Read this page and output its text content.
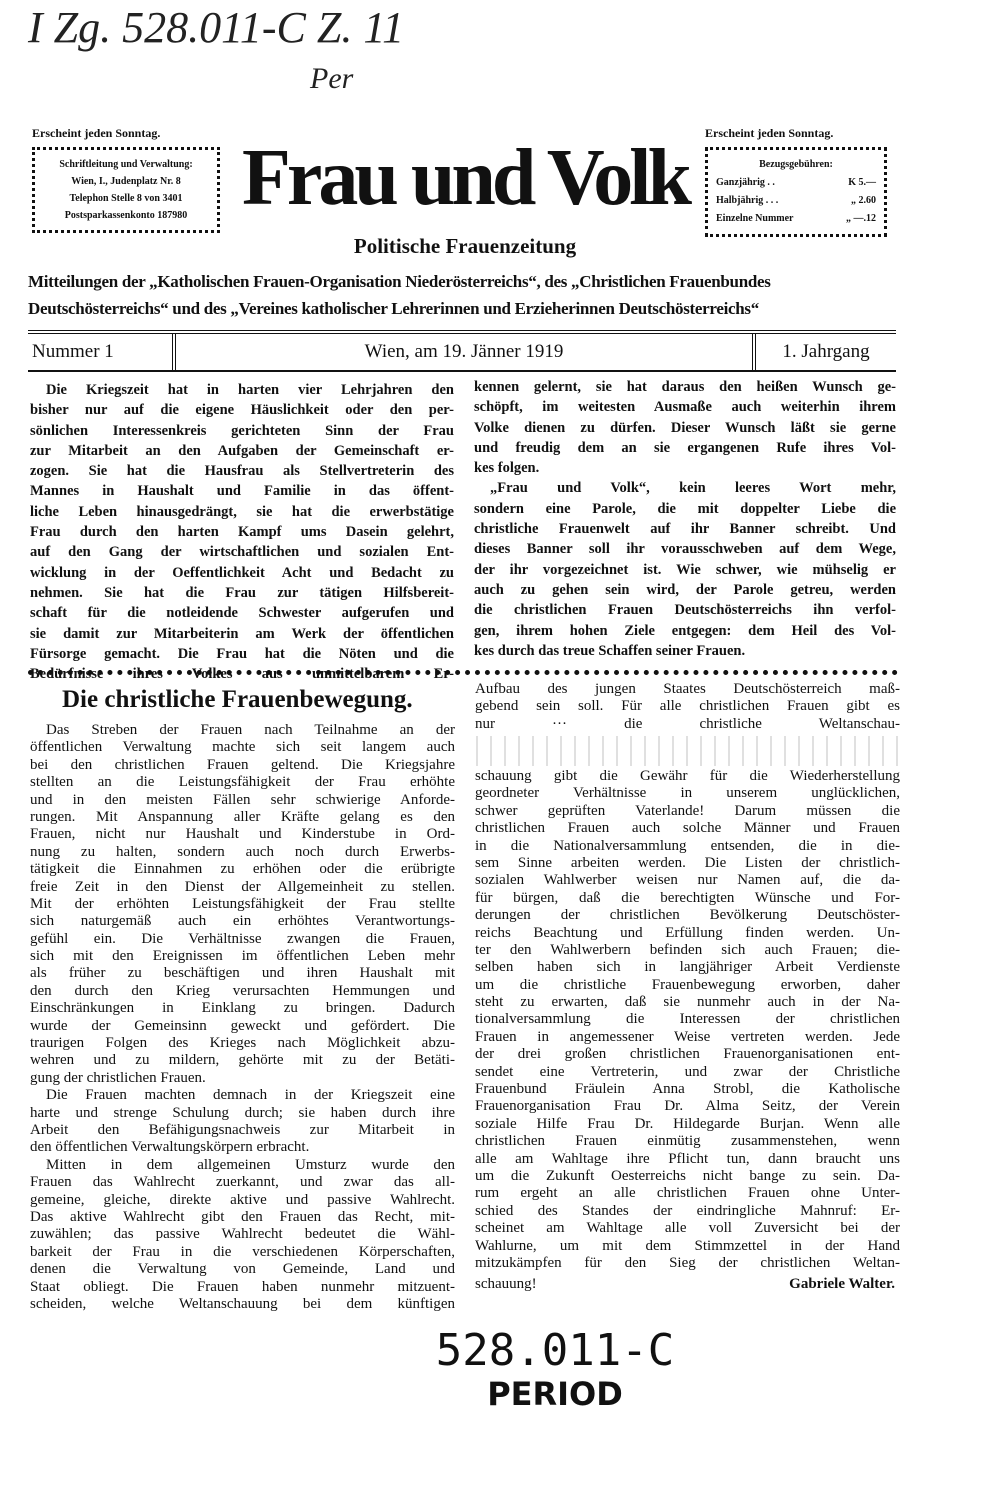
I Zg. 528.011-C Z. 11
Per
Erscheint jeden Sonntag.
Schriftleitung und Verwaltung:
Wien, I., Judenplatz Nr. 8
Telephon Stelle 8 von 3401
Postsparkassenkonto 187980 Frau und Volk
Politische Frauenzeitung
Erscheint jeden Sonntag.
Bezugsgebühren:
Ganzjährig . .	K 5.—
Halbjährig . . .	„ 2.60
Einzelne Nummer	„ —.12
Mitteilungen der „Katholischen Frauen-Organisation Niederösterreichs“, des „Christlichen Frauenbundes
Deutschösterreichs“ und des „Vereines katholischer Lehrerinnen und Erzieherinnen Deutschösterreichs“
Nummer 1	Wien, am 19. Jänner 1919	1. Jahrgang
Die Kriegszeit hat in harten vier Lehrjahren den
bisher nur auf die eigene Häuslichkeit oder den per-
sönlichen Interessenkreis gerichteten Sinn der Frau
zur Mitarbeit an den Aufgaben der Gemeinschaft er-
zogen. Sie hat die Hausfrau als Stellvertreterin des
Mannes in Haushalt und Familie in das öffent-
liche Leben hinausgedrängt, sie hat die erwerbstätige
Frau durch den harten Kampf ums Dasein gelehrt,
auf den Gang der wirtschaftlichen und sozialen Ent-
wicklung in der Oeffentlichkeit Acht und Bedacht zu
nehmen. Sie hat die Frau zur tätigen Hilfsbereit-
schaft für die notleidende Schwester aufgerufen und
sie damit zur Mitarbeiterin am Werk der öffentlichen
Fürsorge gemacht. Die Frau hat die Nöten und die
Bedürfnisse ihres Volkes aus unmittelbarem Er-
kennen gelernt, sie hat daraus den heißen Wunsch ge-
schöpft, im weitesten Ausmaße auch weiterhin ihrem
Volke dienen zu dürfen. Dieser Wunsch läßt sie gerne
und freudig dem an sie ergangenen Rufe ihres Vol-
kes folgen.
„Frau und Volk“, kein leeres Wort mehr,
sondern eine Parole, die mit doppelter Liebe die
christliche Frauenwelt auf ihr Banner schreibt. Und
dieses Banner soll ihr vorausschweben auf dem Wege,
der ihr vorgezeichnet ist. Wie schwer, wie mühselig er
auch zu gehen sein wird, der Parole getreu, werden
die christlichen Frauen Deutschösterreichs ihn verfol-
gen, ihrem hohen Ziele entgegen: dem Heil des Vol-
kes durch das treue Schaffen seiner Frauen.
Die christliche Frauenbewegung.
Das Streben der Frauen nach Teilnahme an der
öffentlichen Verwaltung machte sich seit langem auch
bei den christlichen Frauen geltend. Die Kriegsjahre
stellten an die Leistungsfähigkeit der Frau erhöhte
und in den meisten Fällen sehr schwierige Anforde-
rungen. Mit Anspannung aller Kräfte gelang es den
Frauen, nicht nur Haushalt und Kinderstube in Ord-
nung zu halten, sondern auch noch durch Erwerbs-
tätigkeit die Einnahmen zu erhöhen oder die erübrigte
freie Zeit in den Dienst der Allgemeinheit zu stellen.
Mit der erhöhten Leistungsfähigkeit der Frau stellte
sich naturgemäß auch ein erhöhtes Verantwortungs-
gefühl ein. Die Verhältnisse zwangen die Frauen,
sich mit den Ereignissen im öffentlichen Leben mehr
als früher zu beschäftigen und ihren Haushalt mit
den durch den Krieg verursachten Hemmungen und
Einschränkungen in Einklang zu bringen. Dadurch
wurde der Gemeinsinn geweckt und gefördert. Die
traurigen Folgen des Krieges nach Möglichkeit abzu-
wehren und zu mildern, gehörte mit zu der Betäti-
gung der christlichen Frauen.
Die Frauen machten demnach in der Kriegszeit eine
harte und strenge Schulung durch; sie haben durch ihre
Arbeit den Befähigungsnachweis zur Mitarbeit in
den öffentlichen Verwaltungskörpern erbracht.
Mitten in dem allgemeinen Umsturz wurde den
Frauen das Wahlrecht zuerkannt, und zwar das all-
gemeine, gleiche, direkte aktive und passive Wahlrecht.
Das aktive Wahlrecht gibt den Frauen das Recht, mit-
zuwählen; das passive Wahlrecht bedeutet die Wähl-
barkeit der Frau in die verschiedenen Körperschaften,
denen die Verwaltung von Gemeinde, Land und
Staat obliegt. Die Frauen haben nunmehr mitzuent-
scheiden, welche Weltanschauung bei dem künftigen
Aufbau des jungen Staates Deutschösterreich maß-
gebend sein soll. Für alle christlichen Frauen gibt es
nur ··· die christliche Weltanschau-
schauung gibt die Gewähr für die Wiederherstellung
geordneter Verhältnisse in unserem unglücklichen,
schwer geprüften Vaterlande! Darum müssen die
christlichen Frauen auch solche Männer und Frauen
in die Nationalversammlung entsenden, die in die-
sem Sinne arbeiten werden. Die Listen der christlich-
sozialen Wahlwerber weisen nur Namen auf, die da-
für bürgen, daß die berechtigten Wünsche und For-
derungen der christlichen Bevölkerung Deutschöster-
reichs Beachtung und Erfüllung finden werden. Un-
ter den Wahlwerbern befinden sich auch Frauen; die-
selben haben sich in langjähriger Arbeit Verdienste
um die christliche Frauenbewegung erworben, daher
steht zu erwarten, daß sie nunmehr auch in der Na-
tionalversammlung die Interessen der christlichen
Frauen in angemessener Weise vertreten werden. Jede
der drei großen christlichen Frauenorganisationen ent-
sendet eine Vertreterin, und zwar der Christliche
Frauenbund Fräulein Anna Strobl, die Katholische
Frauenorganisation Frau Dr. Alma Seitz, der Verein
soziale Hilfe Frau Dr. Hildegarde Burjan. Wenn alle
christlichen Frauen einmütig zusammenstehen, wenn
alle am Wahltage ihre Pflicht tun, dann braucht uns
um die Zukunft Oesterreichs nicht bange zu sein. Da-
rum ergeht an alle christlichen Frauen ohne Unter-
schied des Standes der eindringliche Mahnruf: Er-
scheinet am Wahltage alle voll Zuversicht bei der
Wahlurne, um mit dem Stimmzettel in der Hand
mitzukämpfen für den Sieg der christlichen Weltan-
schauung!	Gabriele Walter.
528.011-C
PERIOD
